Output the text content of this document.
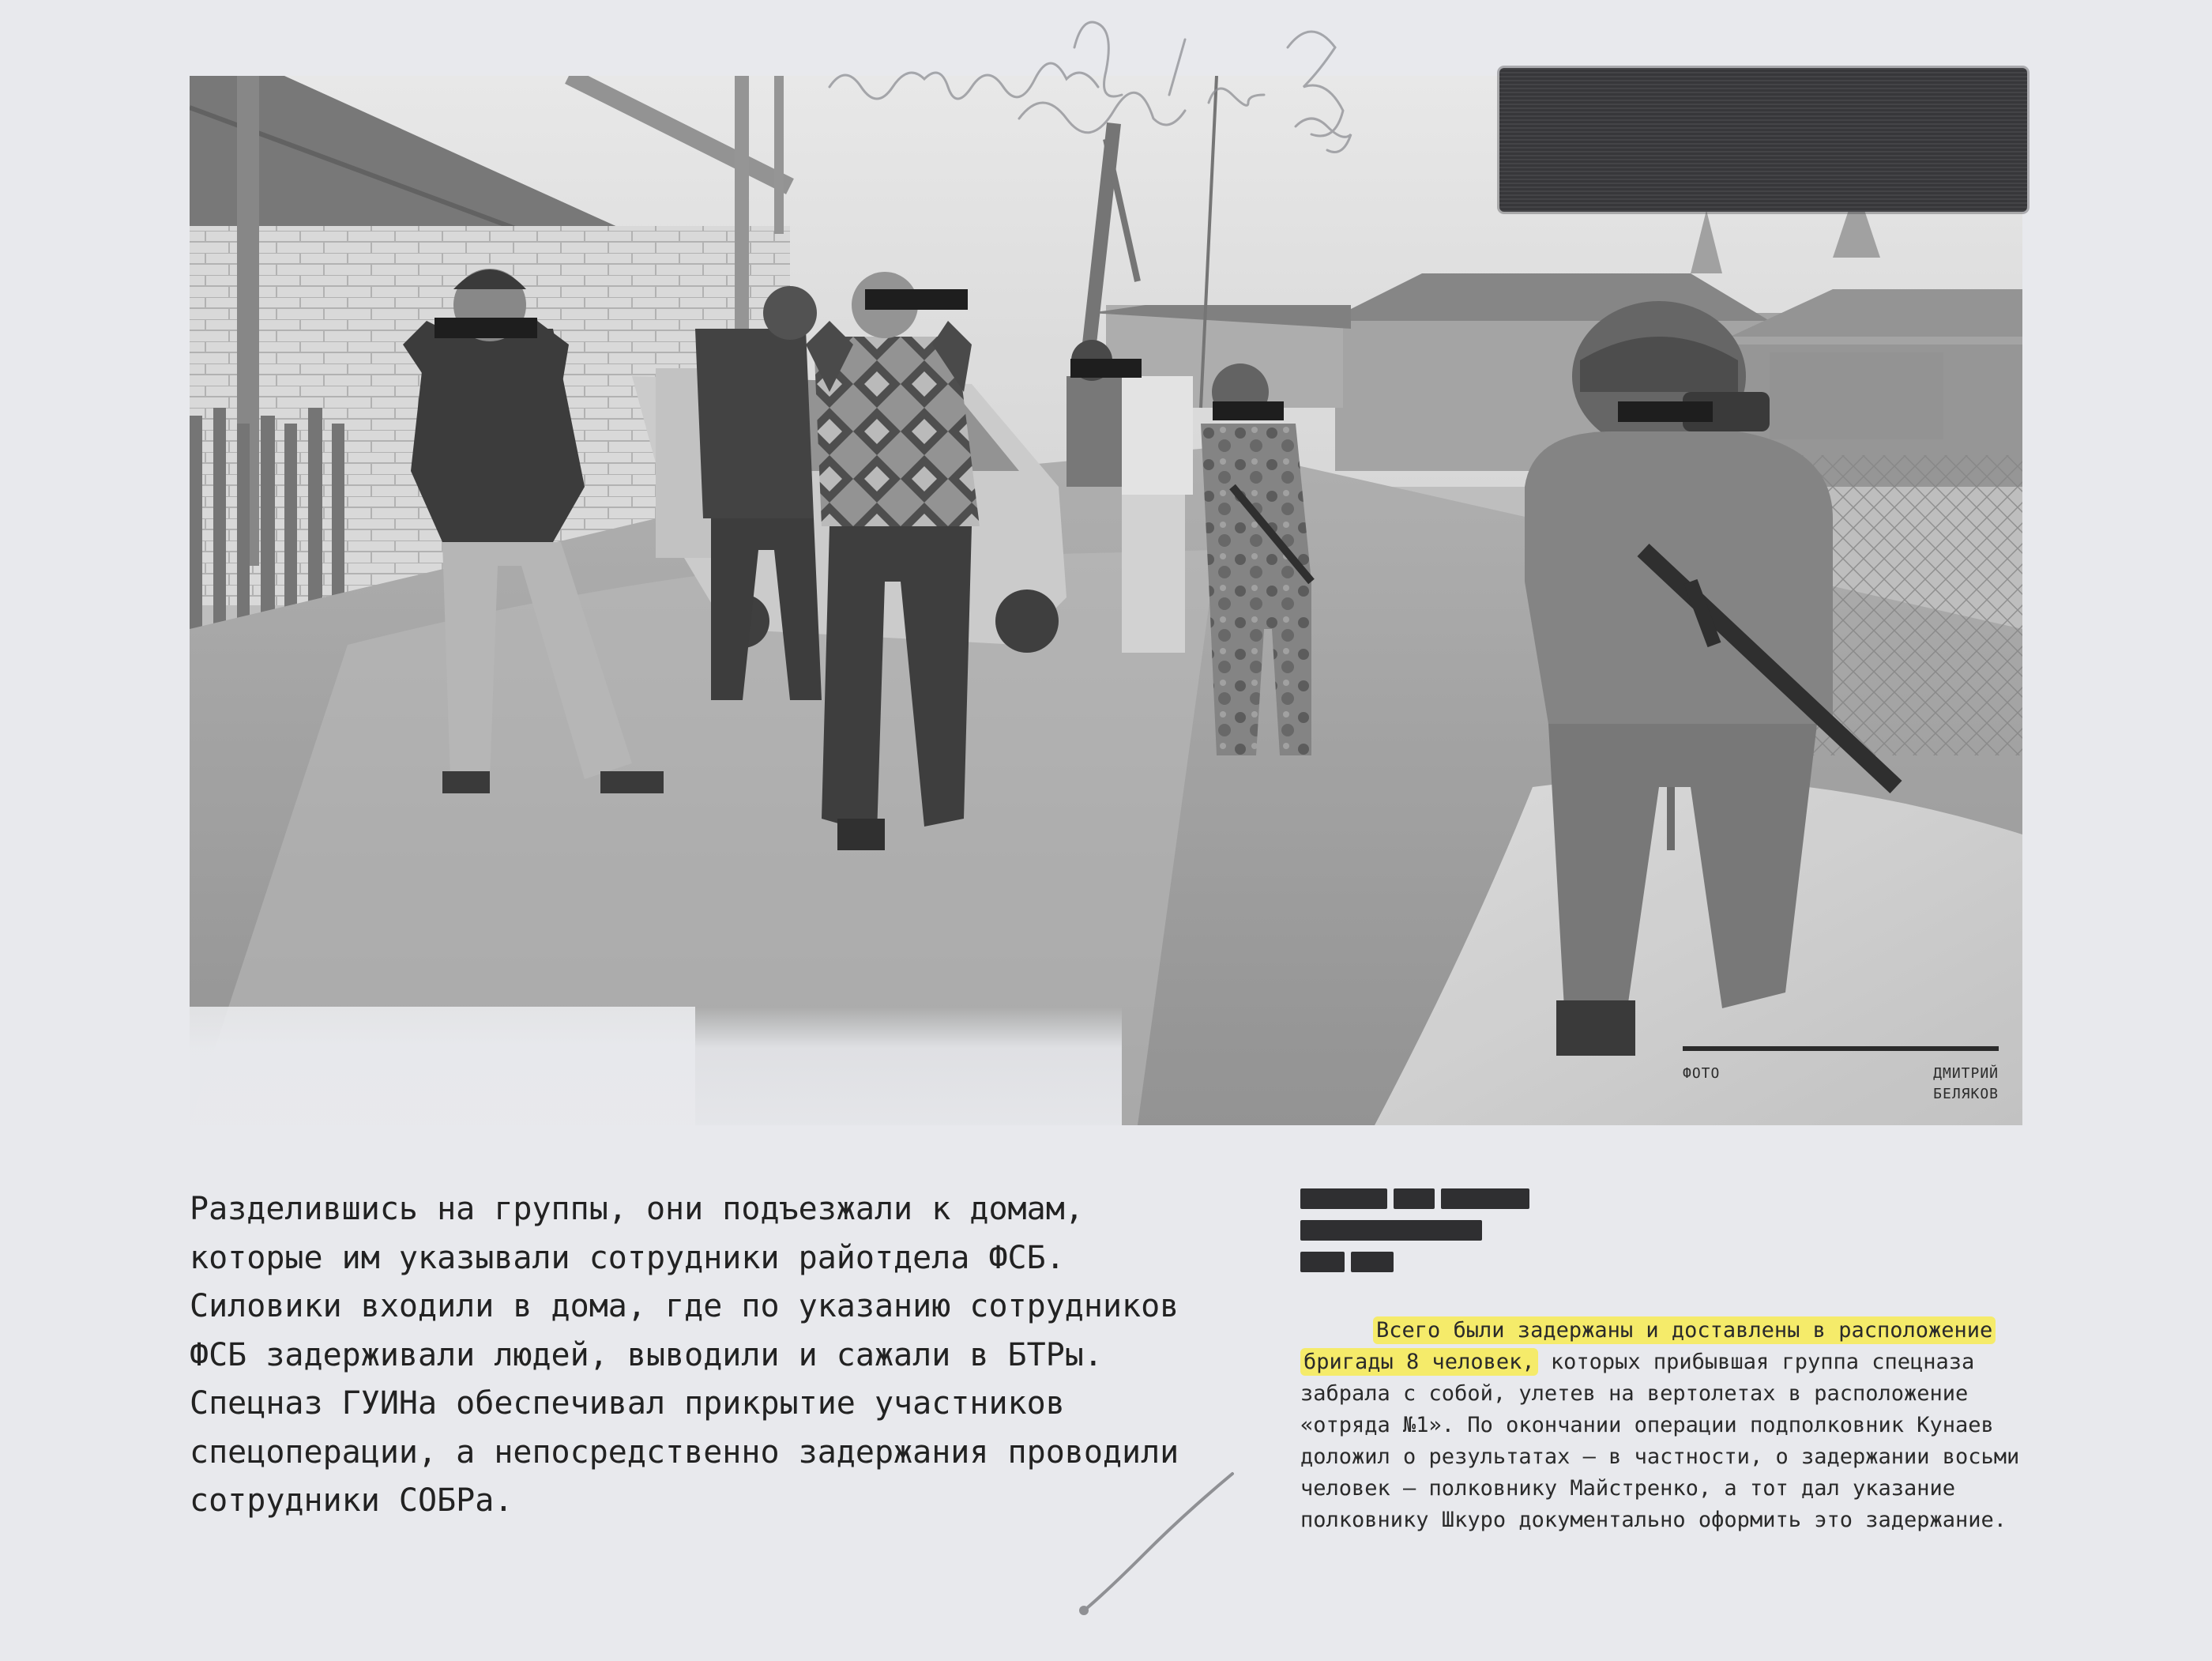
ФОТО	ДМИТРИЙ
БЕЛЯКОВ

Разделившись на группы, они подъезжали к домам, которые им указывали сотрудники райотдела ФСБ. Силовики входили в дома, где по указанию сотрудников ФСБ задерживали людей, выводили и сажали в БТРы. Спецназ ГУИНа обеспечивал прикрытие участников спецоперации, а непосредственно задержания проводили сотрудники СОБРа.

Всего были задержаны и доставлены в расположение бригады 8 человек, которых прибывшая группа спецназа забрала с собой, улетев на вертолетах в расположение «отряда №1». По окончании операции подполковник Кунаев доложил о результатах — в частности, о задержании восьми человек — полковнику Майстренко, а тот дал указание полковнику Шкуро документально оформить это задержание.
